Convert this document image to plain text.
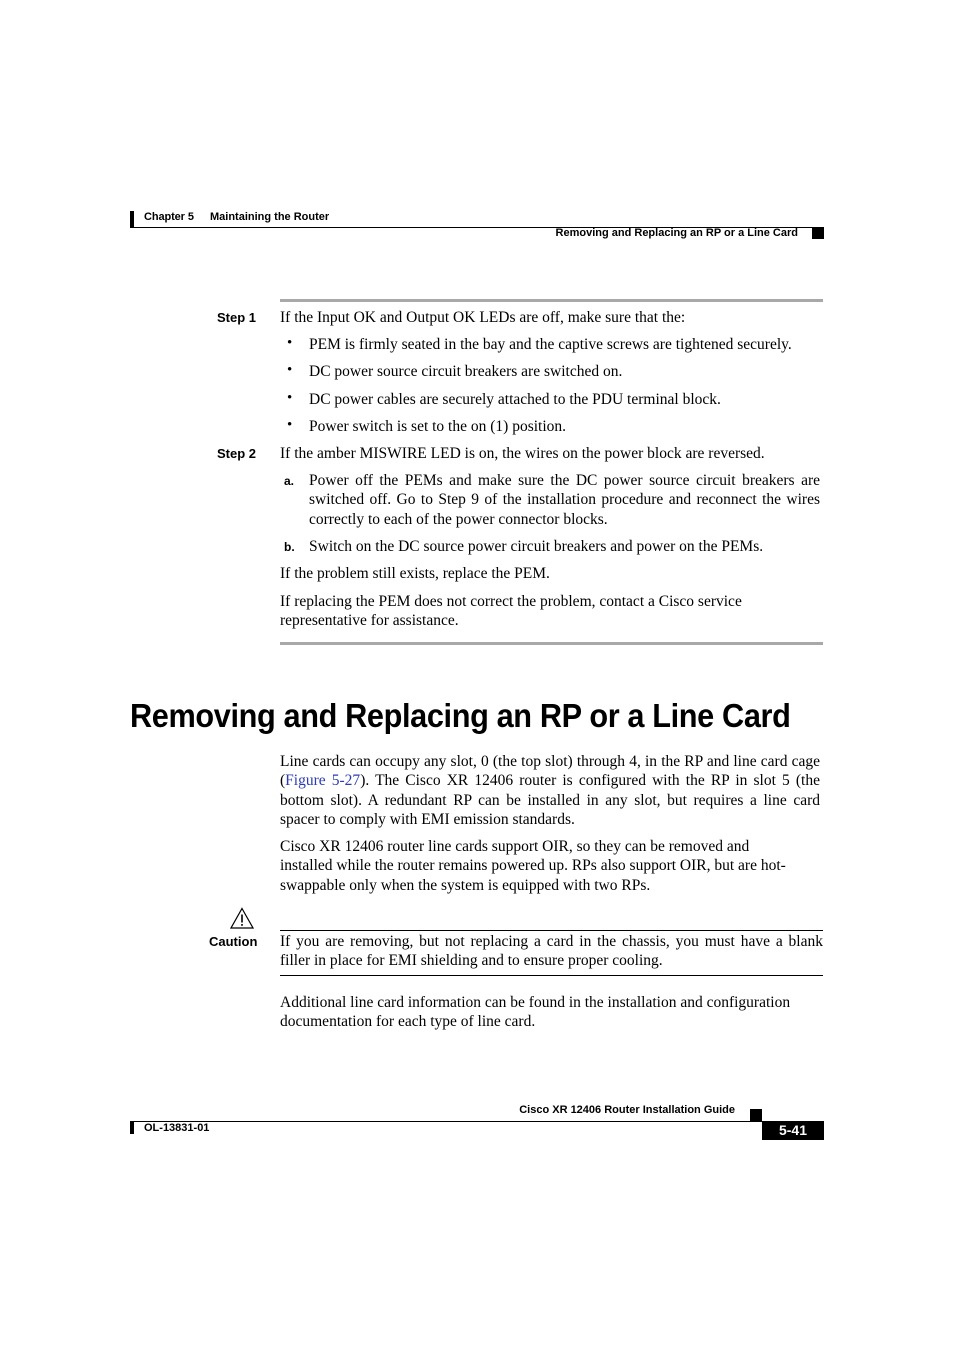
Chapter 5 Maintaining the Router
Removing and Replacing an RP or a Line Card
Step 1 If the Input OK and Output OK LEDs are off, make sure that the:
• PEM is firmly seated in the bay and the captive screws are tightened securely.
• DC power source circuit breakers are switched on.
• DC power cables are securely attached to the PDU terminal block.
• Power switch is set to the on (1) position.
Step 2 If the amber MISWIRE LED is on, the wires on the power block are reversed.
a. Power off the PEMs and make sure the DC power source circuit breakers are switched off. Go to Step 9 of the installation procedure and reconnect the wires correctly to each of the power connector blocks.
b. Switch on the DC source power circuit breakers and power on the PEMs.
If the problem still exists, replace the PEM.
If replacing the PEM does not correct the problem, contact a Cisco service representative for assistance.
Removing and Replacing an RP or a Line Card
Line cards can occupy any slot, 0 (the top slot) through 4, in the RP and line card cage (Figure 5-27). The Cisco XR 12406 router is configured with the RP in slot 5 (the bottom slot). A redundant RP can be installed in any slot, but requires a line card spacer to comply with EMI emission standards.
Cisco XR 12406 router line cards support OIR, so they can be removed and installed while the router remains powered up. RPs also support OIR, but are hot-swappable only when the system is equipped with two RPs.
Caution If you are removing, but not replacing a card in the chassis, you must have a blank filler in place for EMI shielding and to ensure proper cooling.
Additional line card information can be found in the installation and configuration documentation for each type of line card.
Cisco XR 12406 Router Installation Guide
OL-13831-01	5-41
